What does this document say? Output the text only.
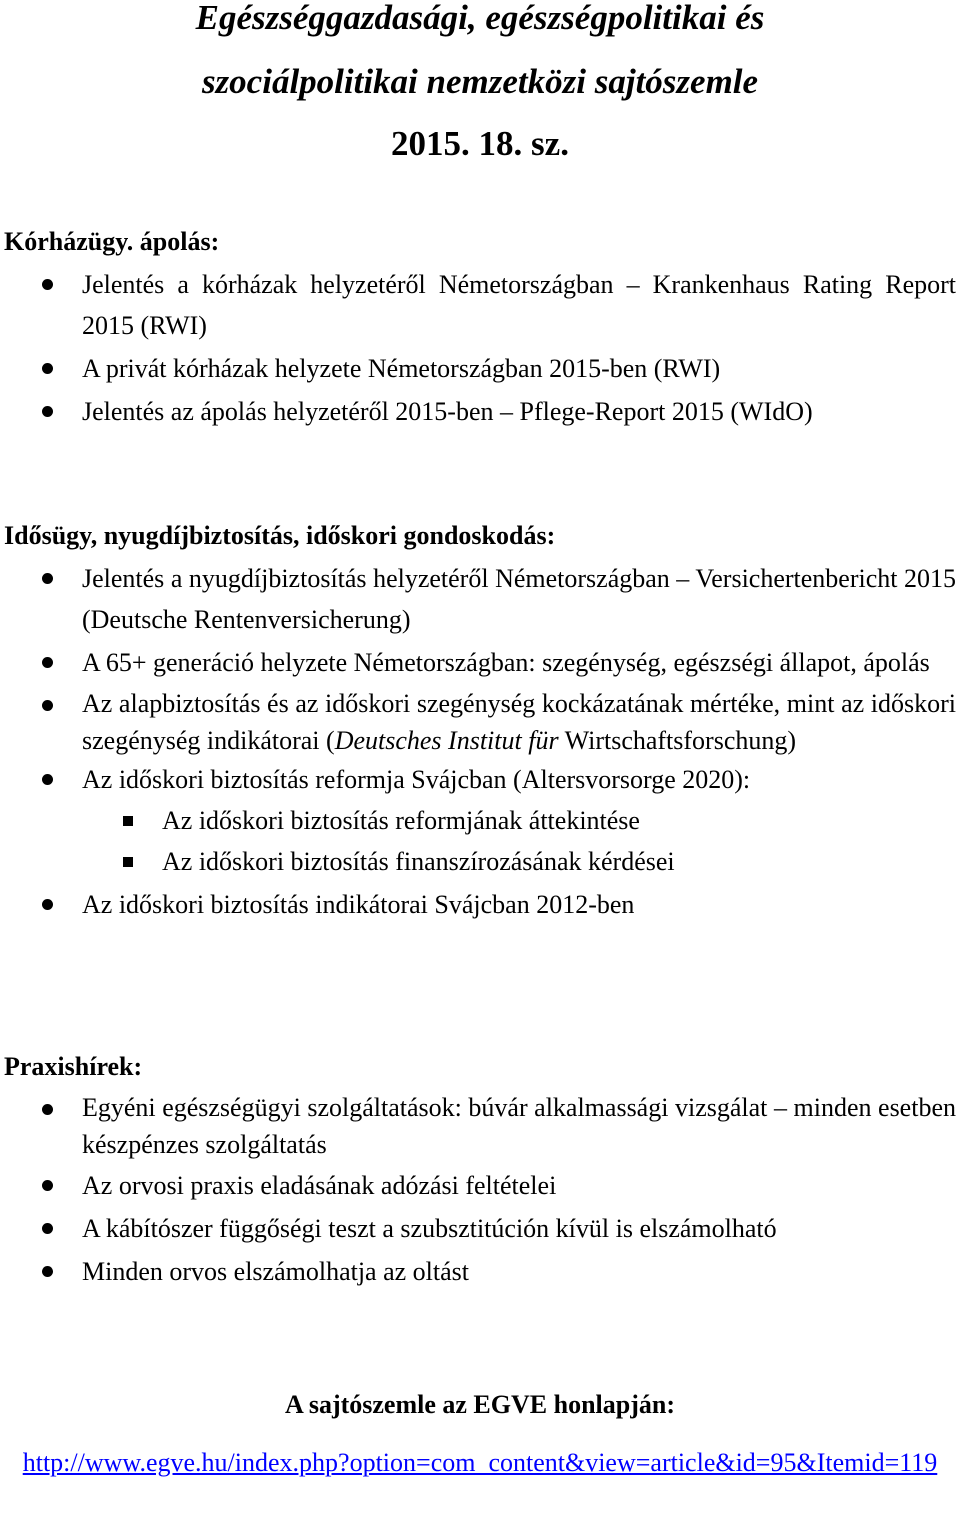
Egészséggazdasági, egészségpolitikai és

szociálpolitikai nemzetközi sajtószemle

2015. 18. sz.
Kórházügy. ápolás:
Jelentés a kórházak helyzetéről Németországban – Krankenhaus Rating Report 2015 (RWI)
A privát kórházak helyzete Németországban 2015-ben (RWI)
Jelentés az ápolás helyzetéről 2015-ben – Pflege-Report 2015 (WIdO)
Idősügy, nyugdíjbiztosítás, időskori gondoskodás:
Jelentés a nyugdíjbiztosítás helyzetéről Németországban – Versichertenbericht 2015 (Deutsche Rentenversicherung)
A 65+ generáció helyzete Németországban: szegénység, egészségi állapot, ápolás
Az alapbiztosítás és az időskori szegénység kockázatának mértéke, mint az időskori szegénység indikátorai (Deutsches Institut für Wirtschaftsforschung)
Az időskori biztosítás reformja Svájcban (Altersvorsorge 2020):
Az időskori biztosítás reformjának áttekintése
Az időskori biztosítás finanszírozásának kérdései
Az időskori biztosítás indikátorai Svájcban 2012-ben
Praxishírek:
Egyéni egészségügyi szolgáltatások: búvár alkalmassági vizsgálat – minden esetben készpénzes szolgáltatás
Az orvosi praxis eladásának adózási feltételei
A kábítószer függőségi teszt a szubsztitúción kívül is elszámolható
Minden orvos elszámolhatja az oltást
A sajtószemle az EGVE honlapján:
http://www.egve.hu/index.php?option=com_content&view=article&id=95&Itemid=119
